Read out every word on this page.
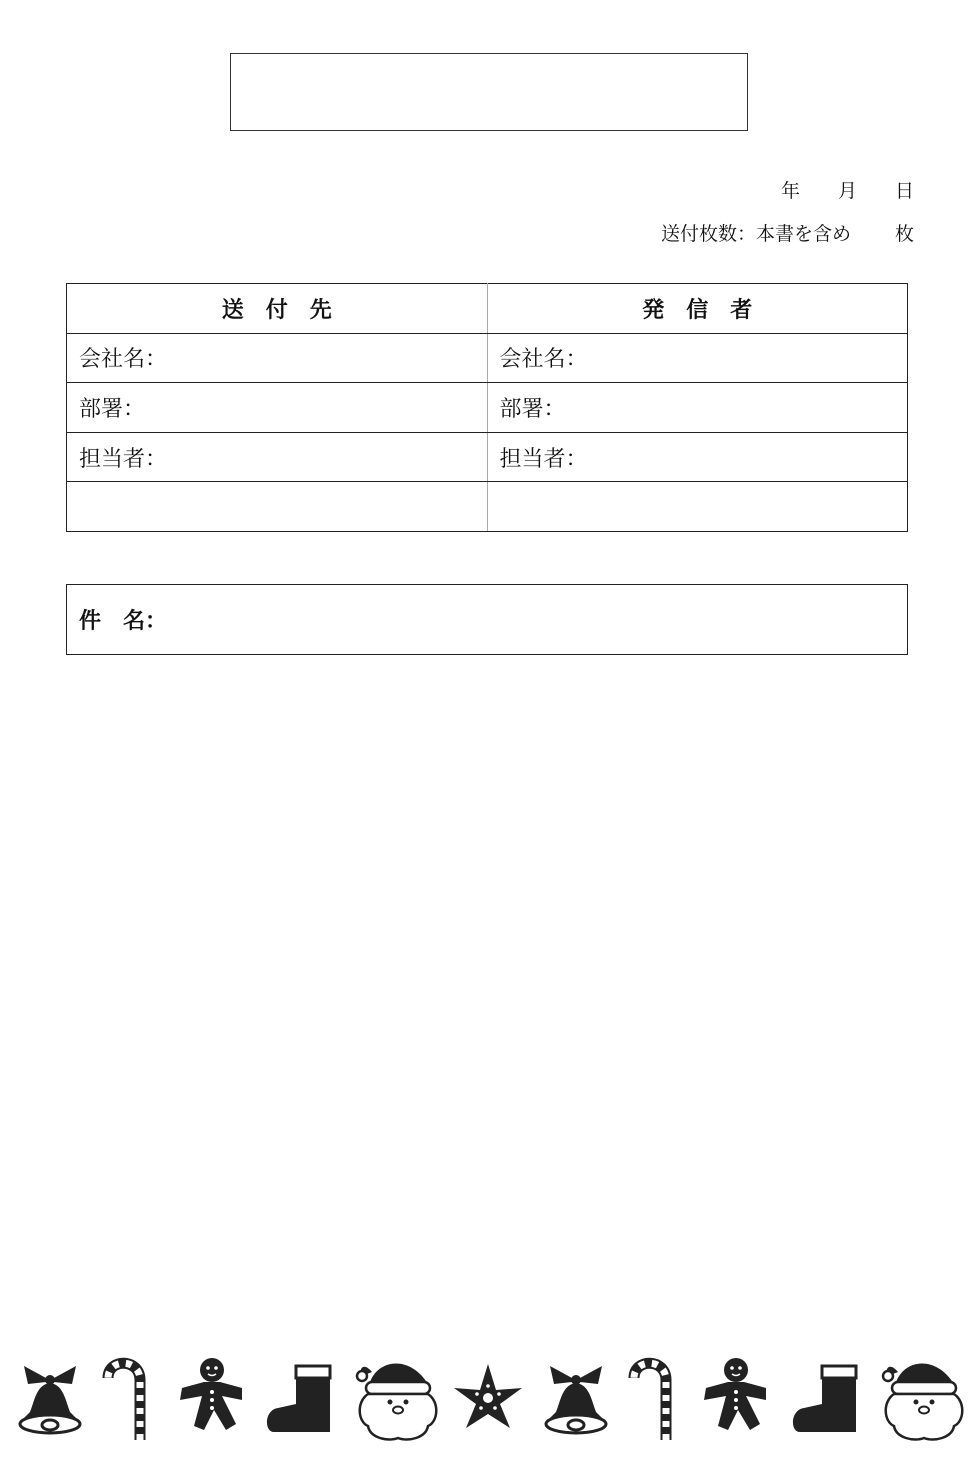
年 月 日
送付枚数：本書を含め 枚
送　付　先	発　信　者
会社名：	会社名：
部署：	部署：
担当者：	担当者：

件　名：
